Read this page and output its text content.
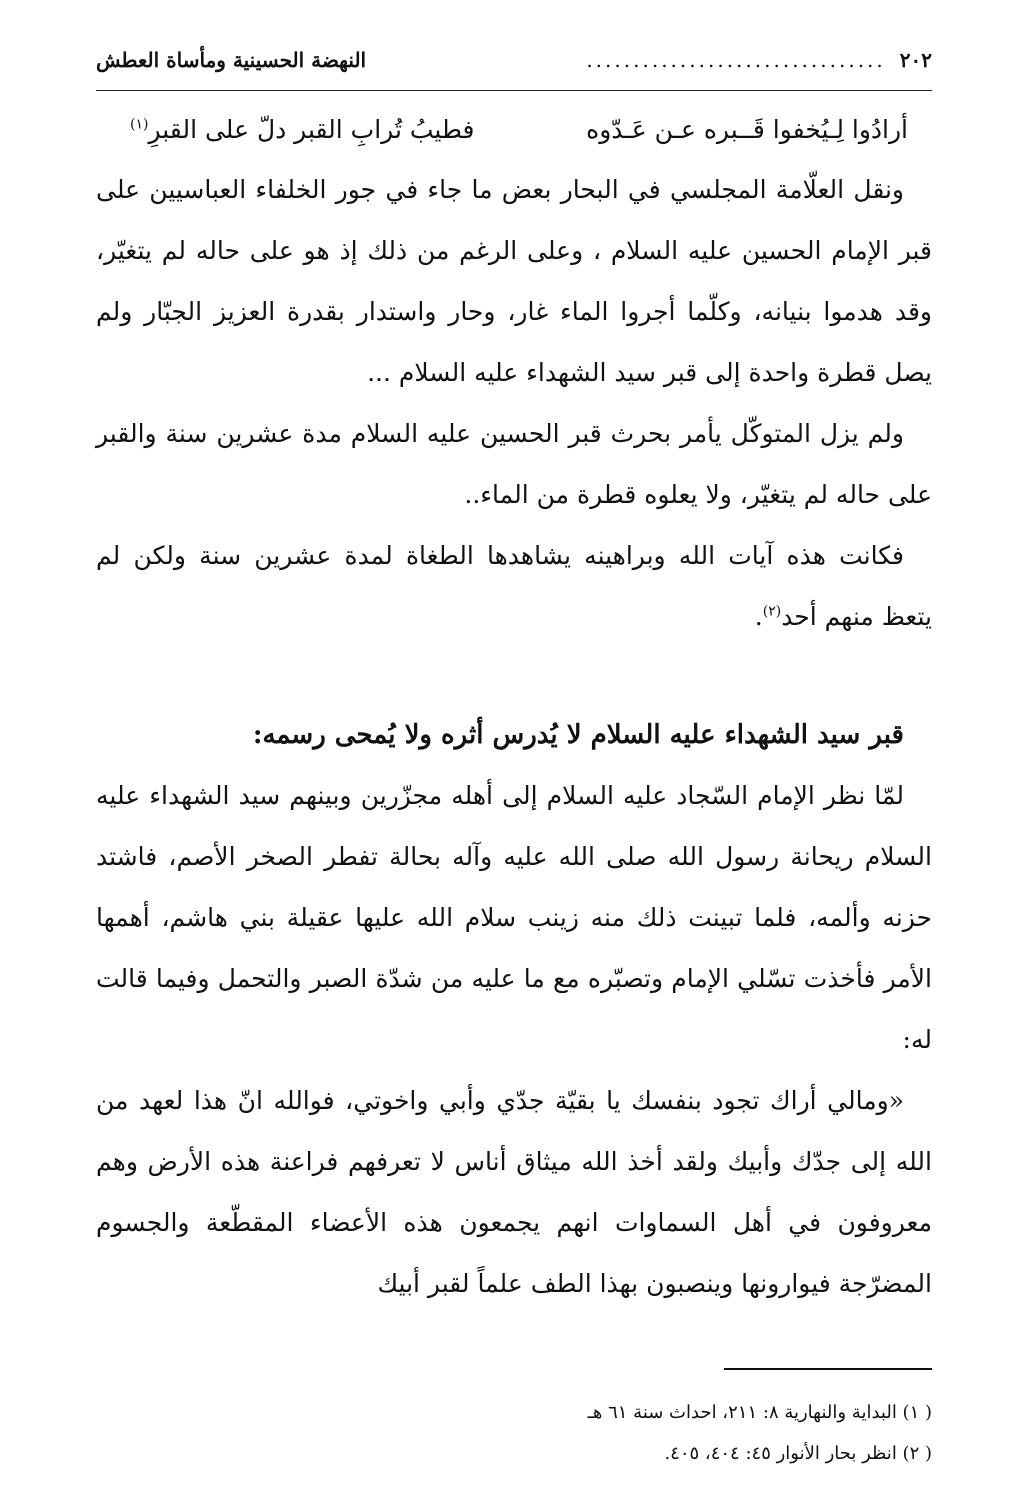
٢٠٢
................................
النهضة الحسينية ومأساة العطش
أرادُوا لِـيُخفوا قَــبره عـن عَـدّوه
فطيبُ تُرابِ القبر دلّ على القبرِ$^{(١)}$

ونقل العلّامة المجلسي في البحار بعض ما جاء في جور الخلفاء العباسيين على قبر الإمام الحسين عليه السلام ، وعلى الرغم من ذلك إذ هو على حاله لم يتغيّر، وقد هدموا بنيانه، وكلّما أجروا الماء غار، وحار واستدار بقدرة العزيز الجبّار ولم يصل قطرة واحدة إلى قبر سيد الشهداء عليه السلام ...

ولم يزل المتوكّل يأمر بحرث قبر الحسين عليه السلام مدة عشرين سنة والقبر على حاله لم يتغيّر، ولا يعلوه قطرة من الماء..

فكانت هذه آيات الله وبراهينه يشاهدها الطغاة لمدة عشرين سنة ولكن لم يتعظ منهم أحد$^{(٢)}$.

قبر سيد الشهداء عليه السلام لا يُدرس أثره ولا يُمحى رسمه:

لمّا نظر الإمام السّجاد عليه السلام إلى أهله مجزّرين وبينهم سيد الشهداء عليه السلام ريحانة رسول الله صلى الله عليه وآله بحالة تفطر الصخر الأصم، فاشتد حزنه وألمه، فلما تبينت ذلك منه زينب سلام الله عليها عقيلة بني هاشم، أهمها الأمر فأخذت تسّلي الإمام وتصبّره مع ما عليه من شدّة الصبر والتحمل وفيما قالت له:

«ومالي أراك تجود بنفسك يا بقيّة جدّي وأبي واخوتي، فوالله انّ هذا لعهد من الله إلى جدّك وأبيك ولقد أخذ الله ميثاق أناس لا تعرفهم فراعنة هذه الأرض وهم معروفون في أهل السماوات انهم يجمعون هذه الأعضاء المقطّعة والجسوم المضرّجة فيوارونها وينصبون بهذا الطف علماً لقبر أبيك

( ١) البداية والنهارية ٨: ٢١١، احداث سنة ٦١ هـ
( ٢) انظر بحار الأنوار ٤٥: ٤٠٤، ٤٠٥.
